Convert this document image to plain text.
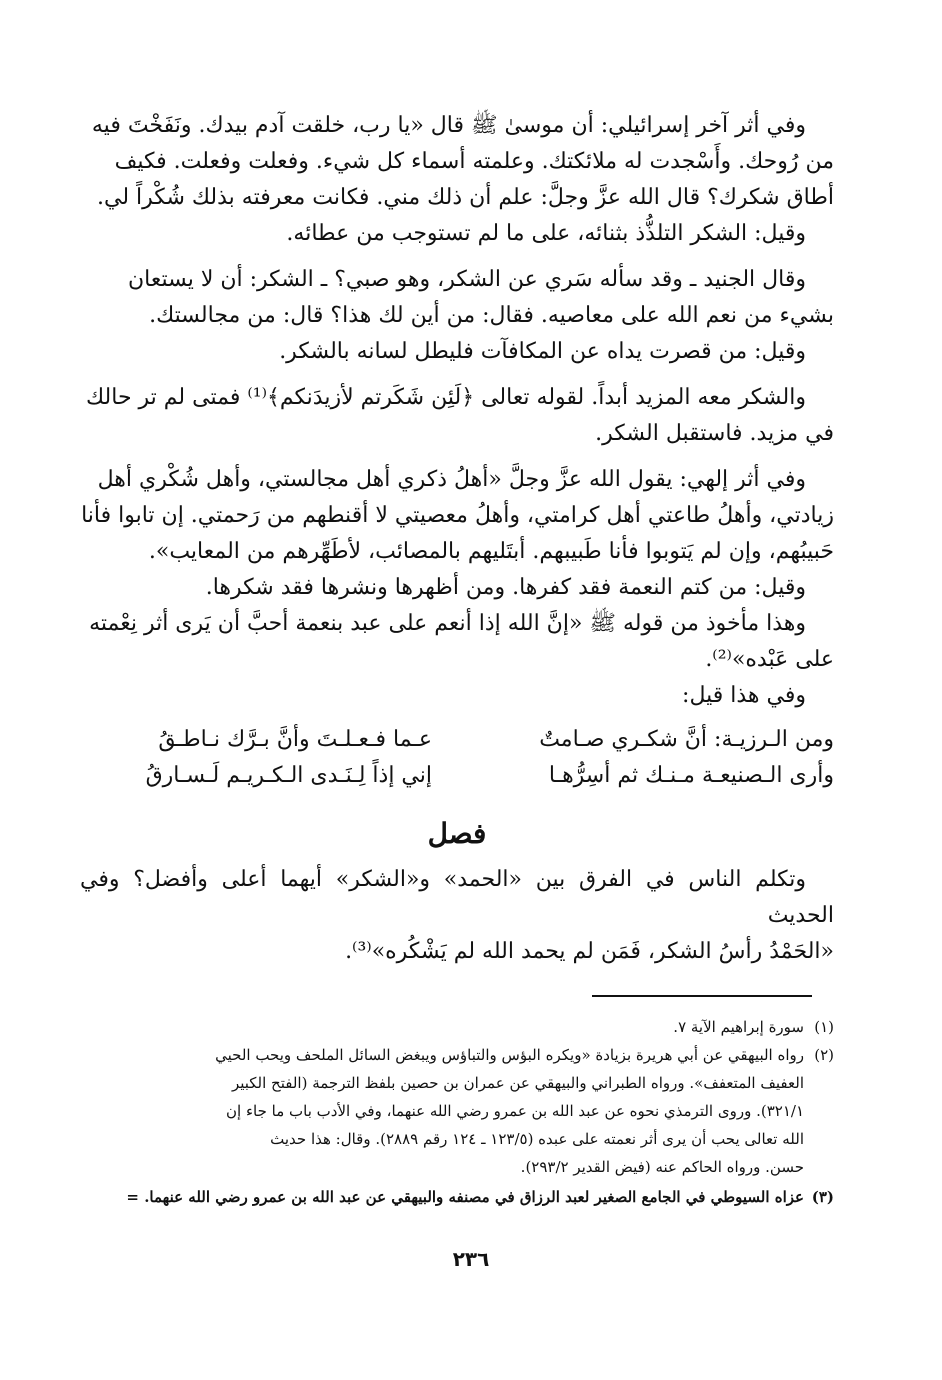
وفي أثر آخر إسرائيلي: أن موسىٰ ﷺ قال «يا رب، خلقت آدم بيدك. ونَفَخْتَ فيه
من رُوحك. وأَسْجدت له ملائكتك. وعلمته أسماء كل شيء. وفعلت وفعلت. فكيف
أطاق شكرك؟ قال الله عزَّ وجلَّ: علم أن ذلك مني. فكانت معرفته بذلك شُكْراً لي.
وقيل: الشكر التلذُّذ بثنائه، على ما لم تستوجب من عطائه.
وقال الجنيد ـ وقد سأله سَري عن الشكر، وهو صبي؟ ـ الشكر: أن لا يستعان
بشيء من نعم الله على معاصيه. فقال: من أين لك هذا؟ قال: من مجالستك.
وقيل: من قصرت يداه عن المكافآت فليطل لسانه بالشكر.
والشكر معه المزيد أبداً. لقوله تعالى ﴿لَئِن شَكَرتم لأزيدَنكم﴾⁽¹⁾ فمتى لم تر حالك
في مزيد. فاستقبل الشكر.
وفي أثر إلهي: يقول الله عزَّ وجلَّ «أهلُ ذكري أهل مجالستي، وأهل شُكْري أهل
زيادتي، وأهلُ طاعتي أهل كرامتي، وأهلُ معصيتي لا أقنطهم من رَحمتي. إن تابوا فأنا
حَبيبُهم، وإن لم يَتوبوا فأنا طَبيبهم. أبتَليهم بالمصائب، لأطَهِّرهم من المعايب».
وقيل: من كتم النعمة فقد كفرها. ومن أظهرها ونشرها فقد شكرها.
وهذا مأخوذ من قوله ﷺ «إنَّ الله إذا أنعم على عبد بنعمة أحبَّ أن يَرى أثر نِعْمته
على عَبْده»⁽²⁾.
وفي هذا قيل:
ومن الـرزيـة: أنَّ شكـري صـامتٌ
عـما فـعـلـتَ وأنَّ بـرَّك نـاطـقُ
وأرى الـصنيعـة مـنـك ثم أسِرُّهـا
إني إذاً لِـنَـدى الـكـريـم لَـسـارقُ
فصل
وتكلم الناس في الفرق بين «الحمد» و«الشكر» أيهما أعلى وأفضل؟ وفي الحديث
«الحَمْدُ رأسُ الشكر، فَمَن لم يحمد الله لم يَشْكُره»⁽³⁾.
(١)سورة إبراهيم الآية ٧.
(٢)رواه البيهقي عن أبي هريرة بزيادة «ويكره البؤس والتباؤس ويبغض السائل الملحف ويحب الحيي
العفيف المتعفف». ورواه الطبراني والبيهقي عن عمران بن حصين بلفظ الترجمة (الفتح الكبير
٣٢١/١). وروى الترمذي نحوه عن عبد الله بن عمرو رضي الله عنهما، وفي الأدب باب ما جاء إن
الله تعالى يحب أن يرى أثر نعمته على عبده (١٢٣/٥ ـ ١٢٤ رقم ٢٨٨٩). وقال: هذا حديث
حسن. ورواه الحاكم عنه (فيض القدير ٢٩٣/٢).
(٣)عزاه السيوطي في الجامع الصغير لعبد الرزاق في مصنفه والبيهقي عن عبد الله بن عمرو رضي الله عنهما. =
٢٣٦
